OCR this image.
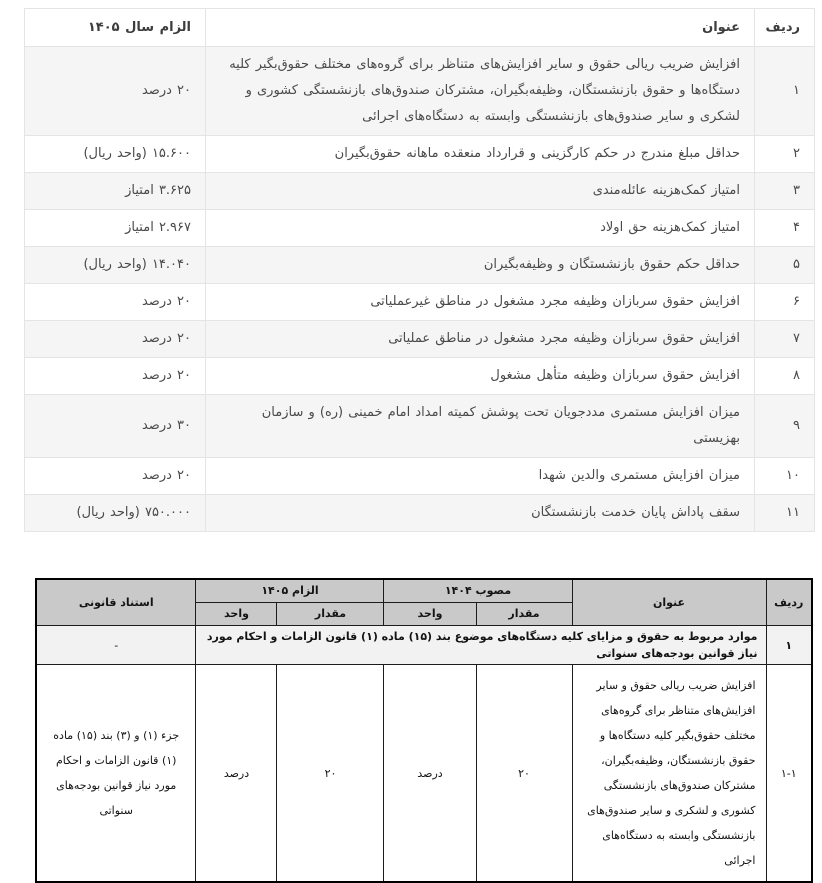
ردیف	عنوان	الزام سال ۱۴۰۵
۱	افزایش ضریب ریالی حقوق و سایر افزایش‌های متناظر برای گروه‌های مختلف حقوق‌بگیر کلیه دستگاه‌ها و حقوق بازنشستگان، وظیفه‌بگیران، مشترکان صندوق‌های بازنشستگی کشوری و لشکری و سایر صندوق‌های بازنشستگی وابسته به دستگاه‌های اجرائی	۲۰ درصد
۲	حداقل مبلغ مندرج در حکم کارگزینی و قرارداد منعقده ماهانه حقوق‌بگیران	۱۵.۶۰۰ (واحد ریال)
۳	امتیاز کمک‌هزینه عائله‌مندی	۳.۶۲۵ امتیاز
۴	امتیاز کمک‌هزینه حق اولاد	۲.۹۶۷ امتیاز
۵	حداقل حکم حقوق بازنشستگان و وظیفه‌بگیران	۱۴.۰۴۰ (واحد ریال)
۶	افزایش حقوق سربازان وظیفه مجرد مشغول در مناطق غیرعملیاتی	۲۰ درصد
۷	افزایش حقوق سربازان وظیفه مجرد مشغول در مناطق عملیاتی	۲۰ درصد
۸	افزایش حقوق سربازان وظیفه متأهل مشغول	۲۰ درصد
۹	میزان افزایش مستمری مددجویان تحت پوشش کمیته امداد امام خمینی (ره) و سازمان بهزیستی	۳۰ درصد
۱۰	میزان افزایش مستمری والدین شهدا	۲۰ درصد
۱۱	سقف پاداش پایان خدمت بازنشستگان	۷۵۰.۰۰۰ (واحد ریال)
ردیف	عنوان	مصوب ۱۴۰۴		الزام ۱۴۰۵		استناد قانونی
		مقدار	واحد	مقدار	واحد	
۱	موارد مربوط به حقوق و مزایای کلیه دستگاه‌های موضوع بند (۱۵) ماده (۱) قانون الزامات و احکام مورد نیاز قوانین بودجه‌های سنواتی					-
۱-۱	افزایش ضریب ریالی حقوق و سایر افزایش‌های متناظر برای گروه‌های مختلف حقوق‌بگیر کلیه دستگاه‌ها و حقوق بازنشستگان، وظیفه‌بگیران، مشترکان صندوق‌های بازنشستگی کشوری و لشکری و سایر صندوق‌های بازنشستگی وابسته به دستگاه‌های اجرائی	۲۰	درصد	۲۰	درصد	جزء (۱) و (۳) بند (۱۵) ماده (۱) قانون الزامات و احکام مورد نیاز قوانین بودجه‌های سنواتی
